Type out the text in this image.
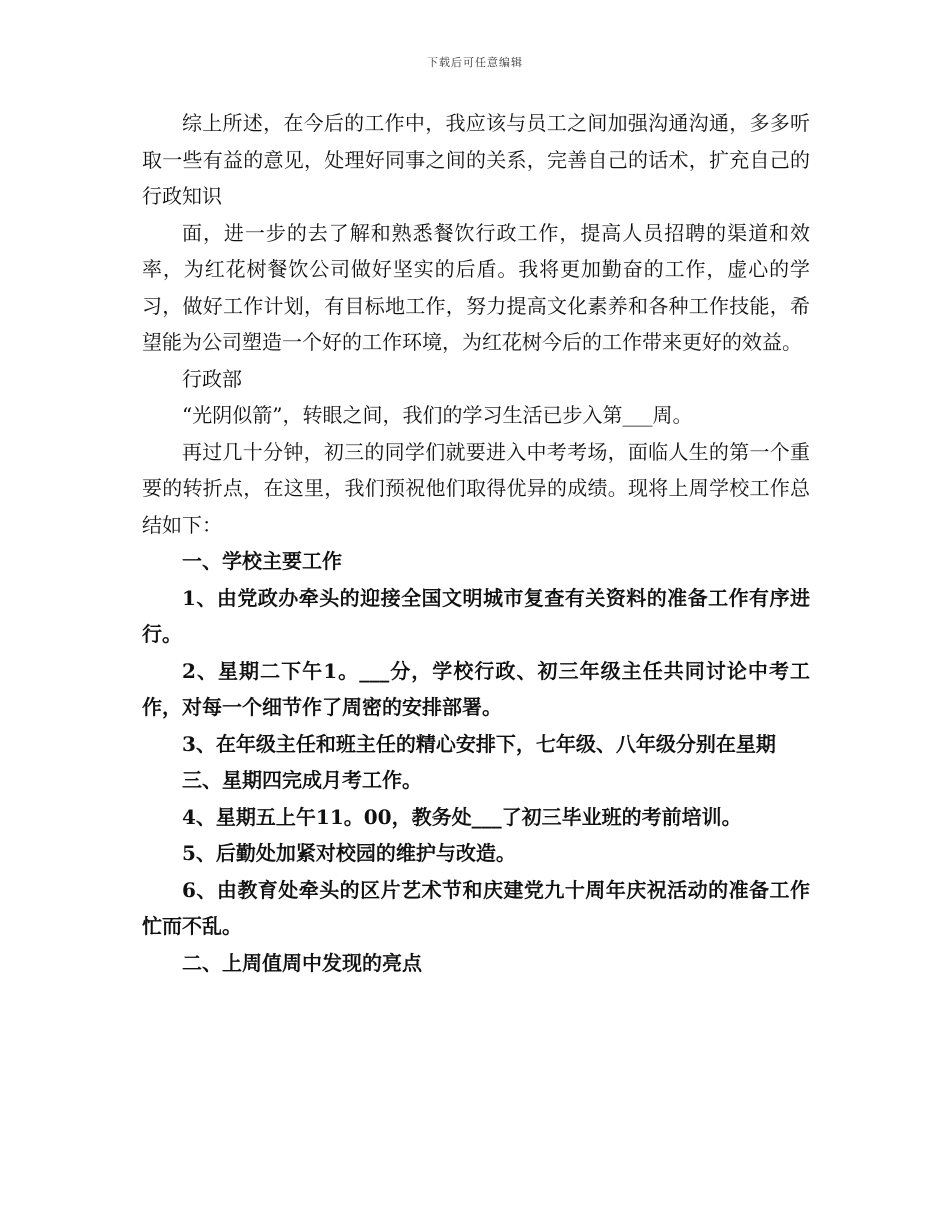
下载后可任意编辑

综上所述，在今后的工作中，我应该与员工之间加强沟通沟通，多多听取一些有益的意见，处理好同事之间的关系，完善自己的话术，扩充自己的行政知识

面，进一步的去了解和熟悉餐饮行政工作，提高人员招聘的渠道和效率，为红花树餐饮公司做好坚实的后盾。我将更加勤奋的工作，虚心的学习，做好工作计划，有目标地工作，努力提高文化素养和各种工作技能，希望能为公司塑造一个好的工作环境，为红花树今后的工作带来更好的效益。

行政部

“光阴似箭”，转眼之间，我们的学习生活已步入第___周。

再过几十分钟，初三的同学们就要进入中考考场，面临人生的第一个重要的转折点，在这里，我们预祝他们取得优异的成绩。现将上周学校工作总结如下：

一、学校主要工作

1、由党政办牵头的迎接全国文明城市复查有关资料的准备工作有序进行。

2、星期二下午1。___分，学校行政、初三年级主任共同讨论中考工作，对每一个细节作了周密的安排部署。

3、在年级主任和班主任的精心安排下，七年级、八年级分别在星期

三、星期四完成月考工作。

4、星期五上午11。00，教务处___了初三毕业班的考前培训。

5、后勤处加紧对校园的维护与改造。

6、由教育处牵头的区片艺术节和庆建党九十周年庆祝活动的准备工作忙而不乱。

二、上周值周中发现的亮点
